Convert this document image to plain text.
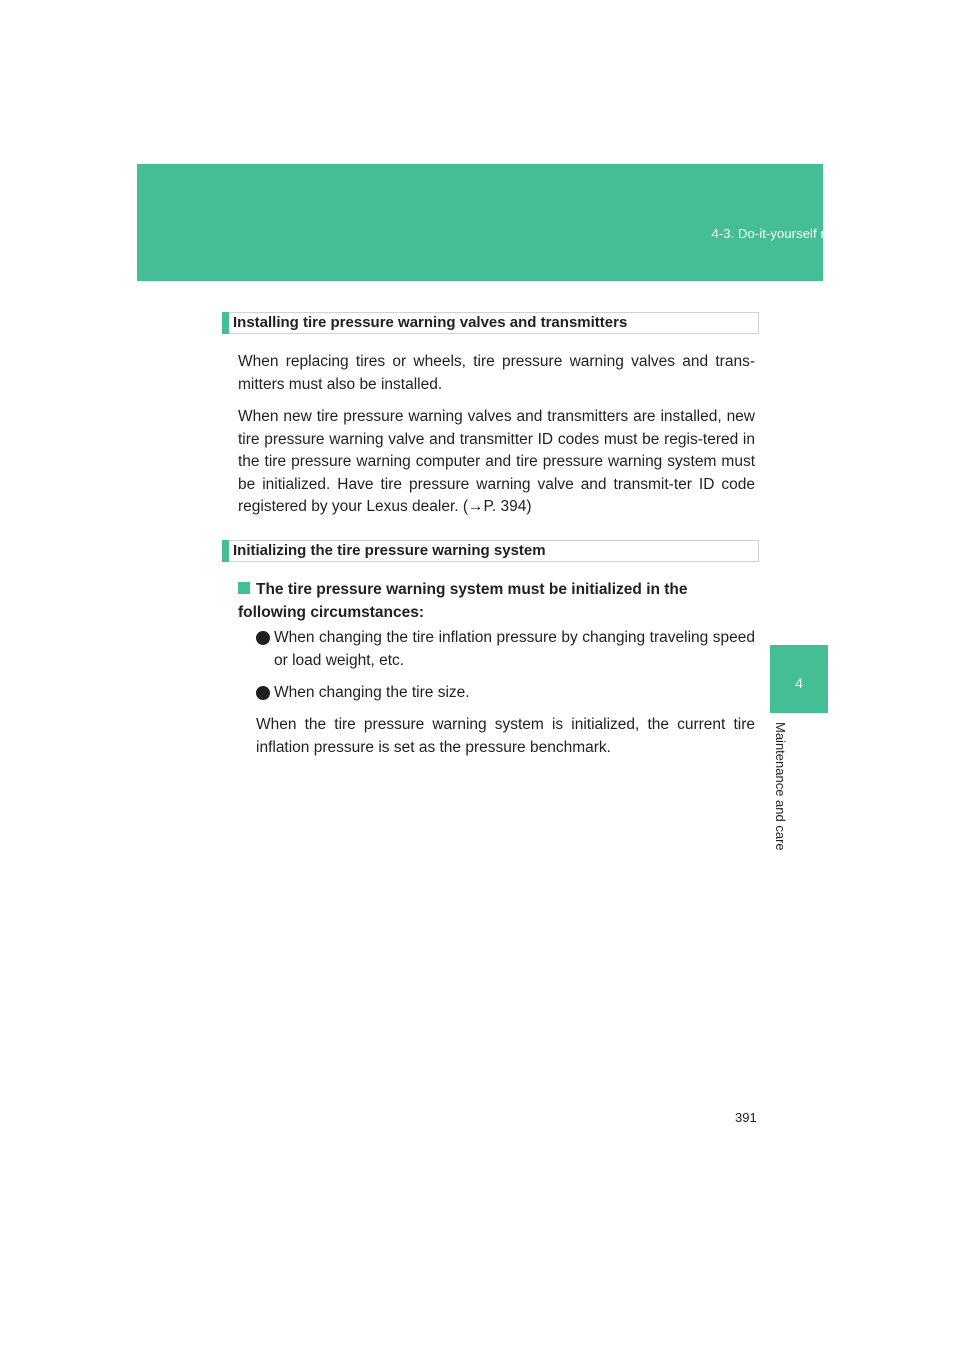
4-3. Do-it-yourself maintenance
4
Maintenance and care
Installing tire pressure warning valves and transmitters
When replacing tires or wheels, tire pressure warning valves and trans-mitters must also be installed.
When new tire pressure warning valves and transmitters are installed, new tire pressure warning valve and transmitter ID codes must be regis-tered in the tire pressure warning computer and tire pressure warning system must be initialized. Have tire pressure warning valve and transmit-ter ID code registered by your Lexus dealer. (→P. 394)
Initializing the tire pressure warning system
The tire pressure warning system must be initialized in the following circumstances:
When changing the tire inflation pressure by changing traveling speed or load weight, etc.
When changing the tire size.
When the tire pressure warning system is initialized, the current tire inflation pressure is set as the pressure benchmark.
391
